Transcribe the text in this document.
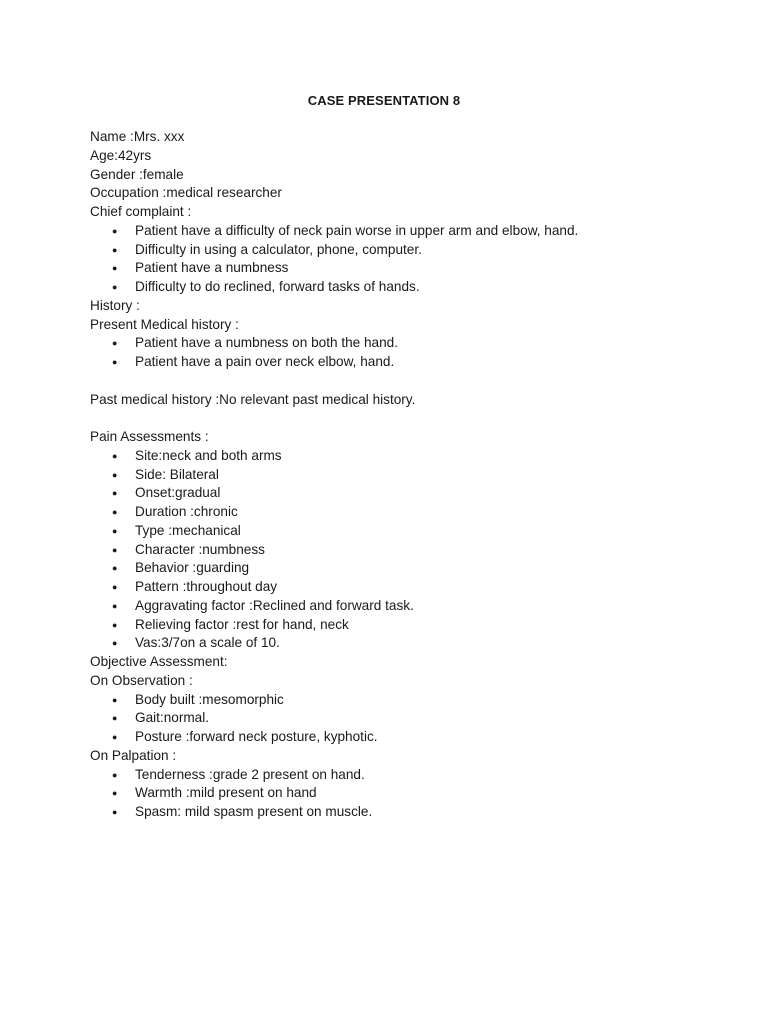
CASE PRESENTATION 8
Name :Mrs. xxx
Age:42yrs
Gender :female
Occupation :medical researcher
Chief complaint :
● Patient have a difficulty of neck pain worse in upper arm and elbow, hand.
● Difficulty in using a calculator, phone, computer.
● Patient have a numbness
● Difficulty to do reclined, forward tasks of hands.
History :
Present Medical history :
● Patient have a numbness on both the hand.
● Patient have a pain over neck elbow, hand.
Past medical history :No relevant past medical history.
Pain Assessments :
● Site:neck and both arms
● Side: Bilateral
● Onset:gradual
● Duration :chronic
● Type :mechanical
● Character :numbness
● Behavior :guarding
● Pattern :throughout day
● Aggravating factor :Reclined and forward task.
● Relieving factor :rest for hand, neck
● Vas:3/7on a scale of 10.
Objective Assessment:
On Observation :
● Body built :mesomorphic
● Gait:normal.
● Posture :forward neck posture, kyphotic.
On Palpation :
● Tenderness :grade 2 present on hand.
● Warmth :mild present on hand
● Spasm: mild spasm present on muscle.
